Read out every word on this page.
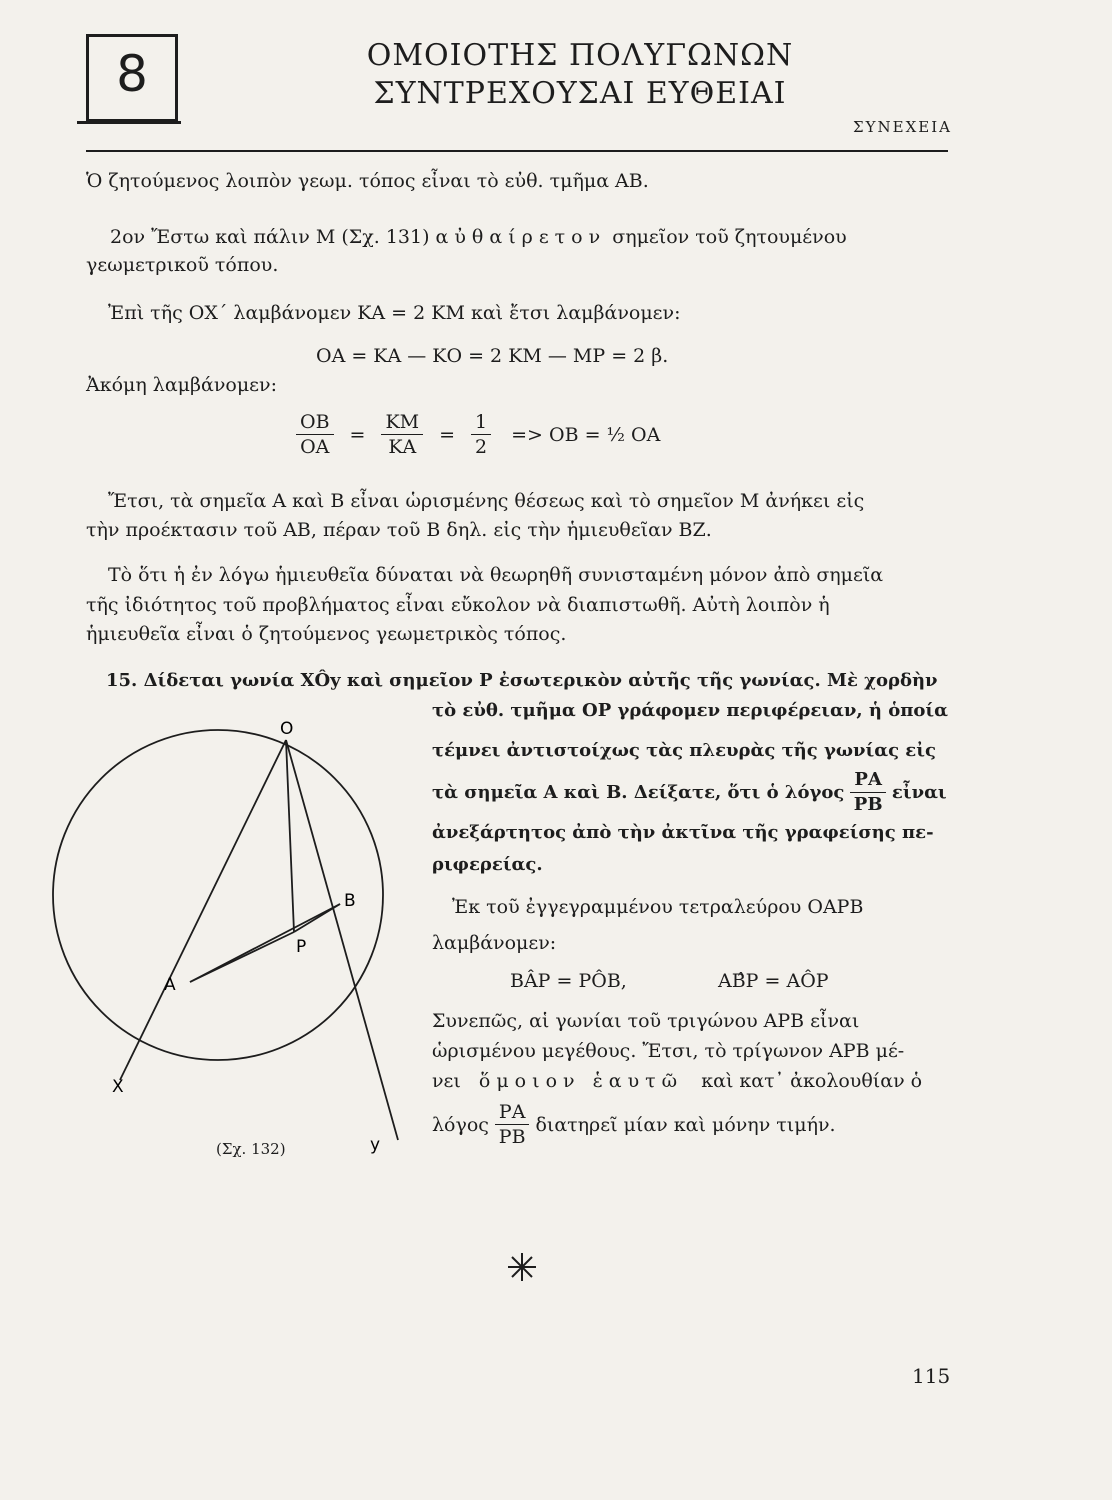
8	ΟΜΟΙΟΤΗΣ ΠΟΛΥΓΩΝΩΝ
ΣΥΝΤΡΕΧΟΥΣΑΙ ΕΥΘΕΙΑΙ
ΣΥΝΕΧΕΙΑ
Ὁ ζητούμενος λοιπὸν γεωμ. τόπος εἶναι τὸ εὐθ. τμῆμα ΑΒ.
2ον Ἔστω καὶ πάλιν Μ (Σχ. 131) αὐθαίρετον σημεῖον τοῦ ζητουμένου
γεωμετρικοῦ τόπου.
Ἐπὶ τῆς ΟΧ΄ λαμβάνομεν ΚΑ = 2 ΚΜ καὶ ἔτσι λαμβάνομεν:
ΟΑ = ΚΑ — ΚΟ = 2 ΚΜ — ΜΡ = 2 β.
Ἀκόμη λαμβάνομεν:
$\frac{OB}{OA} = \frac{KM}{KA} = \frac{1}{2} => OB$ = ½ ΟΑ
Ἔτσι, τὰ σημεῖα Α καὶ Β εἶναι ὡρισμένης θέσεως καὶ τὸ σημεῖον Μ ἀνήκει εἰς
τὴν προέκτασιν τοῦ ΑΒ, πέραν τοῦ Β δηλ. εἰς τὴν ἡμιευθεῖαν ΒΖ.
Τὸ ὅτι ἡ ἐν λόγω ἡμιευθεῖα δύναται νὰ θεωρηθῆ συνισταμένη μόνον ἀπὸ σημεῖα
τῆς ἰδιότητος τοῦ προβλήματος εἶναι εὔκολον νὰ διαπιστωθῆ. Αὐτὴ λοιπὸν ἡ
ἡμιευθεῖα εἶναι ὁ ζητούμενος γεωμετρικὸς τόπος.
15. Δίδεται γωνία ΧÔy καὶ σημεῖον Ρ ἐσωτερικὸν αὐτῆς τῆς γωνίας. Μὲ χορδὴν
τὸ εὐθ. τμῆμα ΟΡ γράφομεν περιφέρειαν, ἡ ὁποία
τέμνει ἀντιστοίχως τὰς πλευρὰς τῆς γωνίας εἰς
τὰ σημεῖα Α καὶ Β. Δείξατε, ὅτι ὁ λόγος $\frac{PA}{PB}$ εἶναι
ἀνεξάρτητος ἀπὸ τὴν ἀκτῖνα τῆς γραφείσης πε-
ριφερείας.
Ἐκ τοῦ ἐγγεγραμμένου τετραλεύρου ΟΑΡΒ
λαμβάνομεν:
ΒÂΡ = ΡÔΒ,	ΑΒ̂Ρ = ΑÔΡ
Συνεπῶς, αἱ γωνίαι τοῦ τριγώνου ΑΡΒ εἶναι
ὡρισμένου μεγέθους. Ἔτσι, τὸ τρίγωνον ΑΡΒ μέ-
νει ὅμοιον ἑαυτῶ καὶ κατ᾽ ἀκολουθίαν ὁ
λόγος $\frac{PA}{PB}$ διατηρεῖ μίαν καὶ μόνην τιμήν.
O
B
P
A
X
y
(Σχ. 132)
115
